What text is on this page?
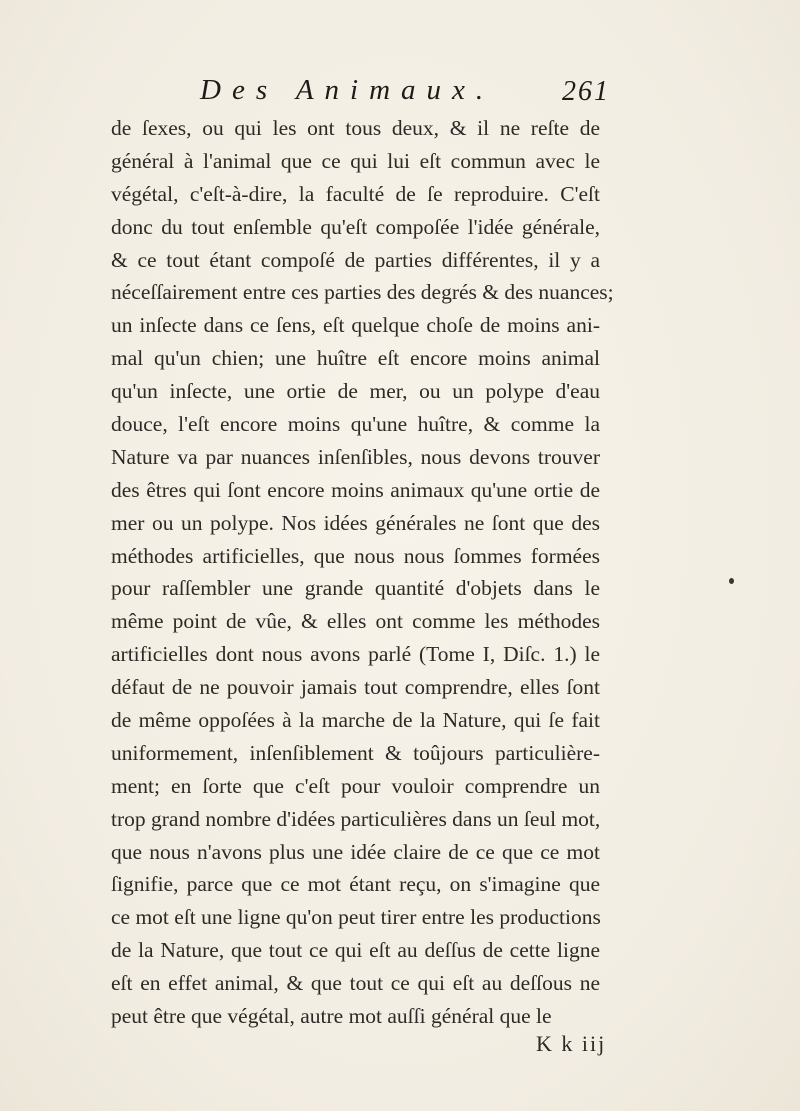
Des Animaux. 261
de ſexes, ou qui les ont tous deux, & il ne reſte de
général à l'animal que ce qui lui eſt commun avec le
végétal, c'eſt-à-dire, la faculté de ſe reproduire. C'eſt
donc du tout enſemble qu'eſt compoſée l'idée générale,
& ce tout étant compoſé de parties différentes, il y a
néceſſairement entre ces parties des degrés & des nuances;
un inſecte dans ce ſens, eſt quelque choſe de moins ani-
mal qu'un chien; une huître eſt encore moins animal
qu'un inſecte, une ortie de mer, ou un polype d'eau
douce, l'eſt encore moins qu'une huître, & comme la
Nature va par nuances inſenſibles, nous devons trouver
des êtres qui ſont encore moins animaux qu'une ortie de
mer ou un polype. Nos idées générales ne ſont que des
méthodes artificielles, que nous nous ſommes formées
pour raſſembler une grande quantité d'objets dans le
même point de vûe, & elles ont comme les méthodes
artificielles dont nous avons parlé (Tome I, Diſc. 1.) le
défaut de ne pouvoir jamais tout comprendre, elles ſont
de même oppoſées à la marche de la Nature, qui ſe fait
uniformement, inſenſiblement & toûjours particulière-
ment; en ſorte que c'eſt pour vouloir comprendre un
trop grand nombre d'idées particulières dans un ſeul mot,
que nous n'avons plus une idée claire de ce que ce mot
ſignifie, parce que ce mot étant reçu, on s'imagine que
ce mot eſt une ligne qu'on peut tirer entre les productions
de la Nature, que tout ce qui eſt au deſſus de cette ligne
eſt en effet animal, & que tout ce qui eſt au deſſous ne
peut être que végétal, autre mot auſſi général que le
K k iij
